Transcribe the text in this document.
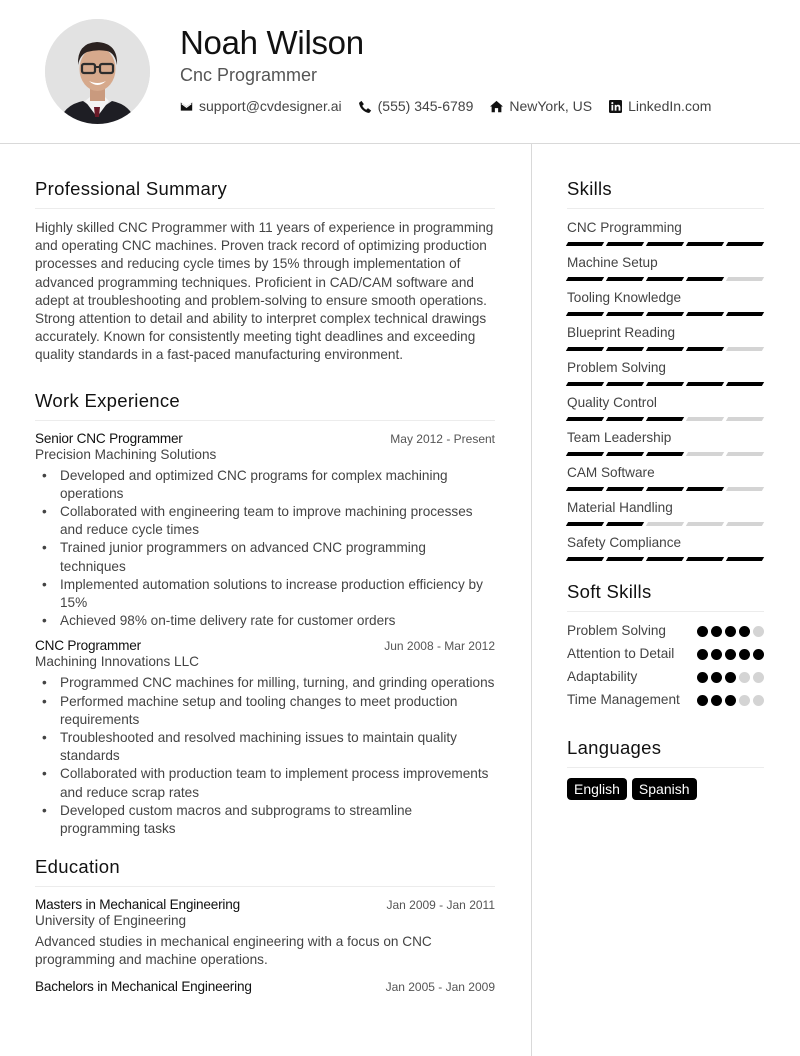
Noah Wilson
Cnc Programmer
support@cvdesigner.ai	(555) 345-6789	NewYork, US	LinkedIn.com
Professional Summary

Highly skilled CNC Programmer with 11 years of experience in programming and operating CNC machines. Proven track record of optimizing production processes and reducing cycle times by 15% through implementation of advanced programming techniques. Proficient in CAD/CAM software and adept at troubleshooting and problem-solving to ensure smooth operations. Strong attention to detail and ability to interpret complex technical drawings accurately. Known for consistently meeting tight deadlines and exceeding quality standards in a fast-paced manufacturing environment.

Work Experience
Senior CNC Programmer	May 2012 - Present
Precision Machining Solutions
• Developed and optimized CNC programs for complex machining operations
• Collaborated with engineering team to improve machining processes and reduce cycle times
• Trained junior programmers on advanced CNC programming techniques
• Implemented automation solutions to increase production efficiency by 15%
• Achieved 98% on-time delivery rate for customer orders
CNC Programmer	Jun 2008 - Mar 2012
Machining Innovations LLC
• Programmed CNC machines for milling, turning, and grinding operations
• Performed machine setup and tooling changes to meet production requirements
• Troubleshooted and resolved machining issues to maintain quality standards
• Collaborated with production team to implement process improvements and reduce scrap rates
• Developed custom macros and subprograms to streamline programming tasks
Education
Masters in Mechanical Engineering	Jan 2009 - Jan 2011
University of Engineering

Advanced studies in mechanical engineering with a focus on CNC programming and machine operations.

Bachelors in Mechanical Engineering	Jan 2005 - Jan 2009
Skills
CNC Programming
Machine Setup
Tooling Knowledge
Blueprint Reading
Problem Solving
Quality Control
Team Leadership
CAM Software
Material Handling
Safety Compliance
Soft Skills
Problem Solving
Attention to Detail
Adaptability
Time Management
Languages
English	Spanish
